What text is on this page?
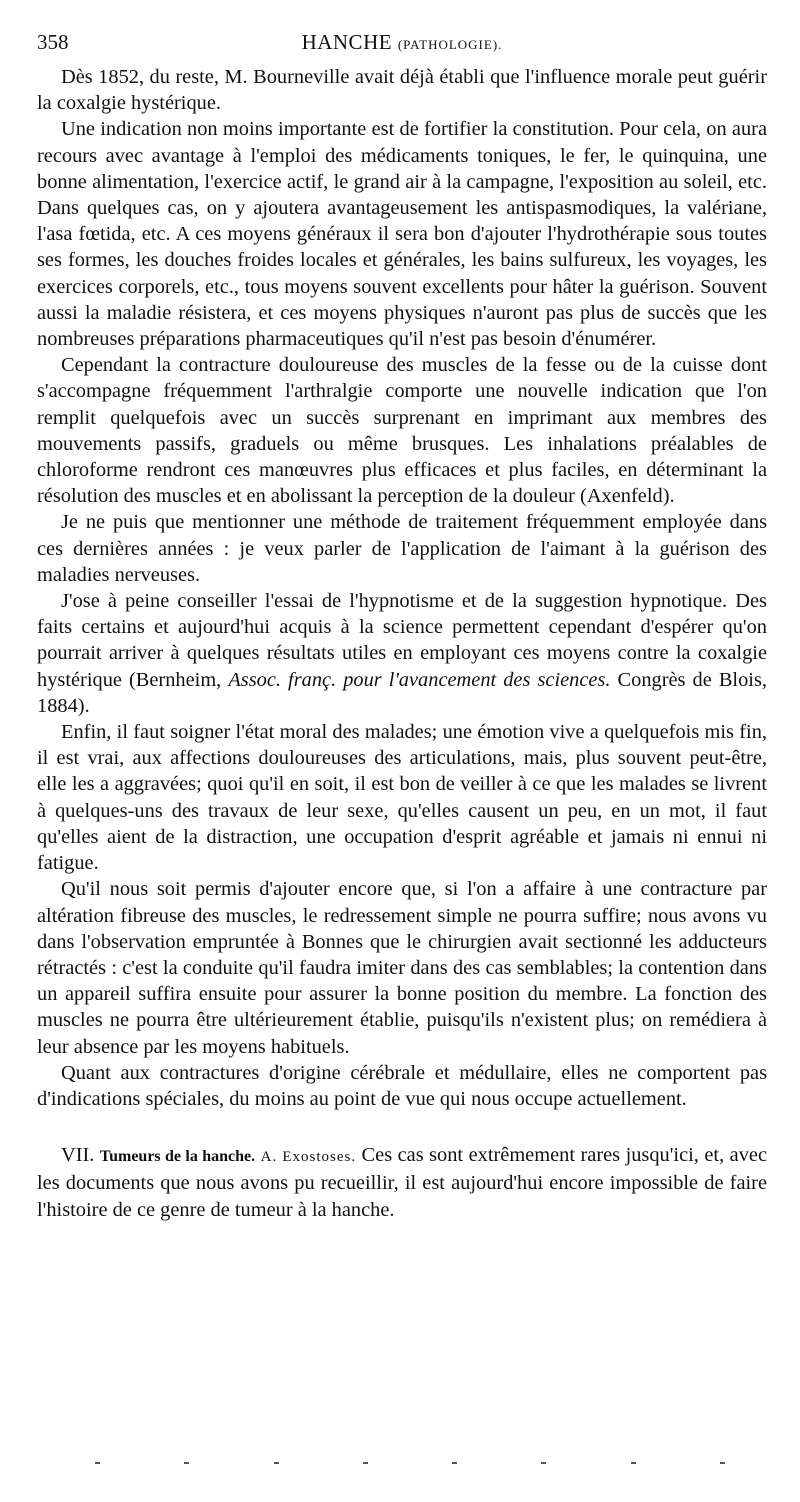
358	HANCHE (PATHOLOGIE).

Dès 1852, du reste, M. Bourneville avait déjà établi que l'influence morale peut guérir la coxalgie hystérique.

Une indication non moins importante est de fortifier la constitution. Pour cela, on aura recours avec avantage à l'emploi des médicaments toniques, le fer, le quinquina, une bonne alimentation, l'exercice actif, le grand air à la campagne, l'exposition au soleil, etc. Dans quelques cas, on y ajoutera avantageusement les antispasmodiques, la valériane, l'asa fœtida, etc. A ces moyens généraux il sera bon d'ajouter l'hydrothérapie sous toutes ses formes, les douches froides locales et générales, les bains sulfureux, les voyages, les exercices corporels, etc., tous moyens souvent excellents pour hâter la guérison. Souvent aussi la maladie résistera, et ces moyens physiques n'auront pas plus de succès que les nombreuses préparations pharmaceutiques qu'il n'est pas besoin d'énumérer.

Cependant la contracture douloureuse des muscles de la fesse ou de la cuisse dont s'accompagne fréquemment l'arthralgie comporte une nouvelle indication que l'on remplit quelquefois avec un succès surprenant en imprimant aux membres des mouvements passifs, graduels ou même brusques. Les inhalations préalables de chloroforme rendront ces manœuvres plus efficaces et plus faciles, en déterminant la résolution des muscles et en abolissant la perception de la douleur (Axenfeld).

Je ne puis que mentionner une méthode de traitement fréquemment employée dans ces dernières années : je veux parler de l'application de l'aimant à la guérison des maladies nerveuses.

J'ose à peine conseiller l'essai de l'hypnotisme et de la suggestion hypnotique. Des faits certains et aujourd'hui acquis à la science permettent cependant d'espérer qu'on pourrait arriver à quelques résultats utiles en employant ces moyens contre la coxalgie hystérique (Bernheim, Assoc. franç. pour l'avancement des sciences. Congrès de Blois, 1884).

Enfin, il faut soigner l'état moral des malades; une émotion vive a quelquefois mis fin, il est vrai, aux affections douloureuses des articulations, mais, plus souvent peut-être, elle les a aggravées; quoi qu'il en soit, il est bon de veiller à ce que les malades se livrent à quelques-uns des travaux de leur sexe, qu'elles causent un peu, en un mot, il faut qu'elles aient de la distraction, une occupation d'esprit agréable et jamais ni ennui ni fatigue.

Qu'il nous soit permis d'ajouter encore que, si l'on a affaire à une contracture par altération fibreuse des muscles, le redressement simple ne pourra suffire; nous avons vu dans l'observation empruntée à Bonnes que le chirurgien avait sectionné les adducteurs rétractés : c'est la conduite qu'il faudra imiter dans des cas semblables; la contention dans un appareil suffira ensuite pour assurer la bonne position du membre. La fonction des muscles ne pourra être ultérieurement établie, puisqu'ils n'existent plus; on remédiera à leur absence par les moyens habituels.

Quant aux contractures d'origine cérébrale et médullaire, elles ne comportent pas d'indications spéciales, du moins au point de vue qui nous occupe actuellement.

VII. Tumeurs de la hanche. A. Exostoses. Ces cas sont extrêmement rares jusqu'ici, et, avec les documents que nous avons pu recueillir, il est aujourd'hui encore impossible de faire l'histoire de ce genre de tumeur à la hanche.
